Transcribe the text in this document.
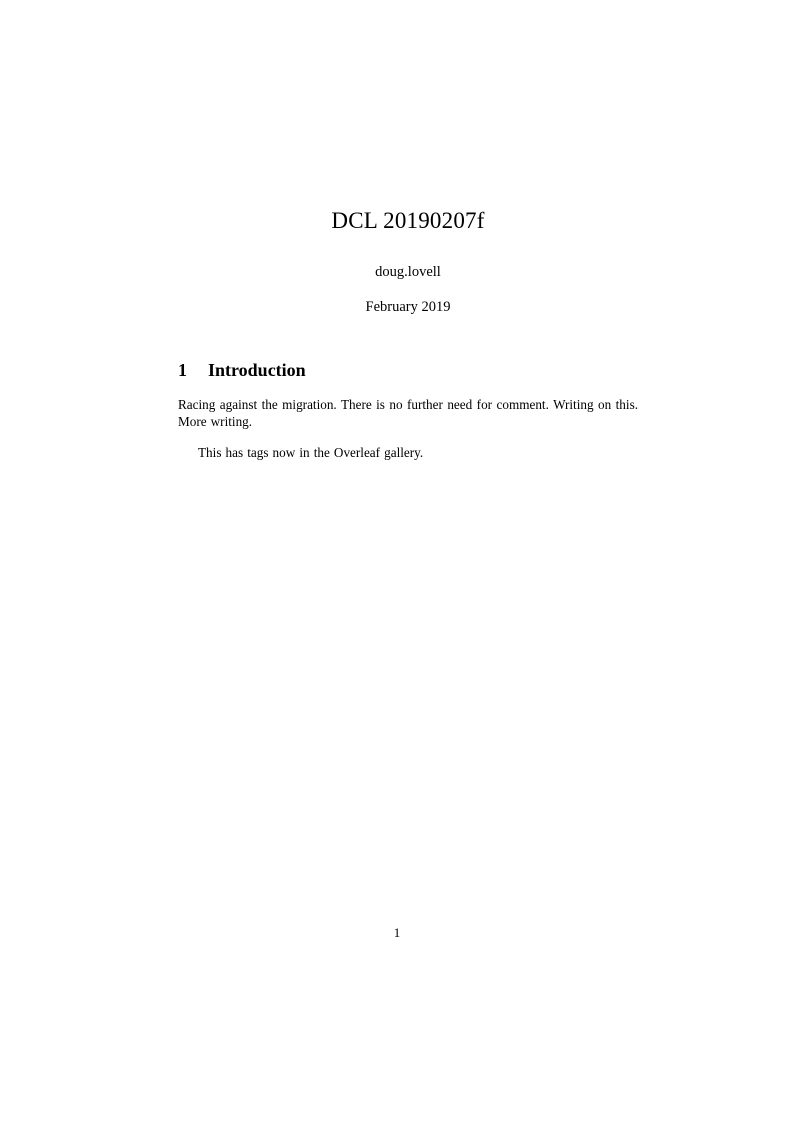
DCL 20190207f
doug.lovell
February 2019
1	Introduction

Racing against the migration. There is no further need for comment. Writing on this. More writing.

This has tags now in the Overleaf gallery.

1
